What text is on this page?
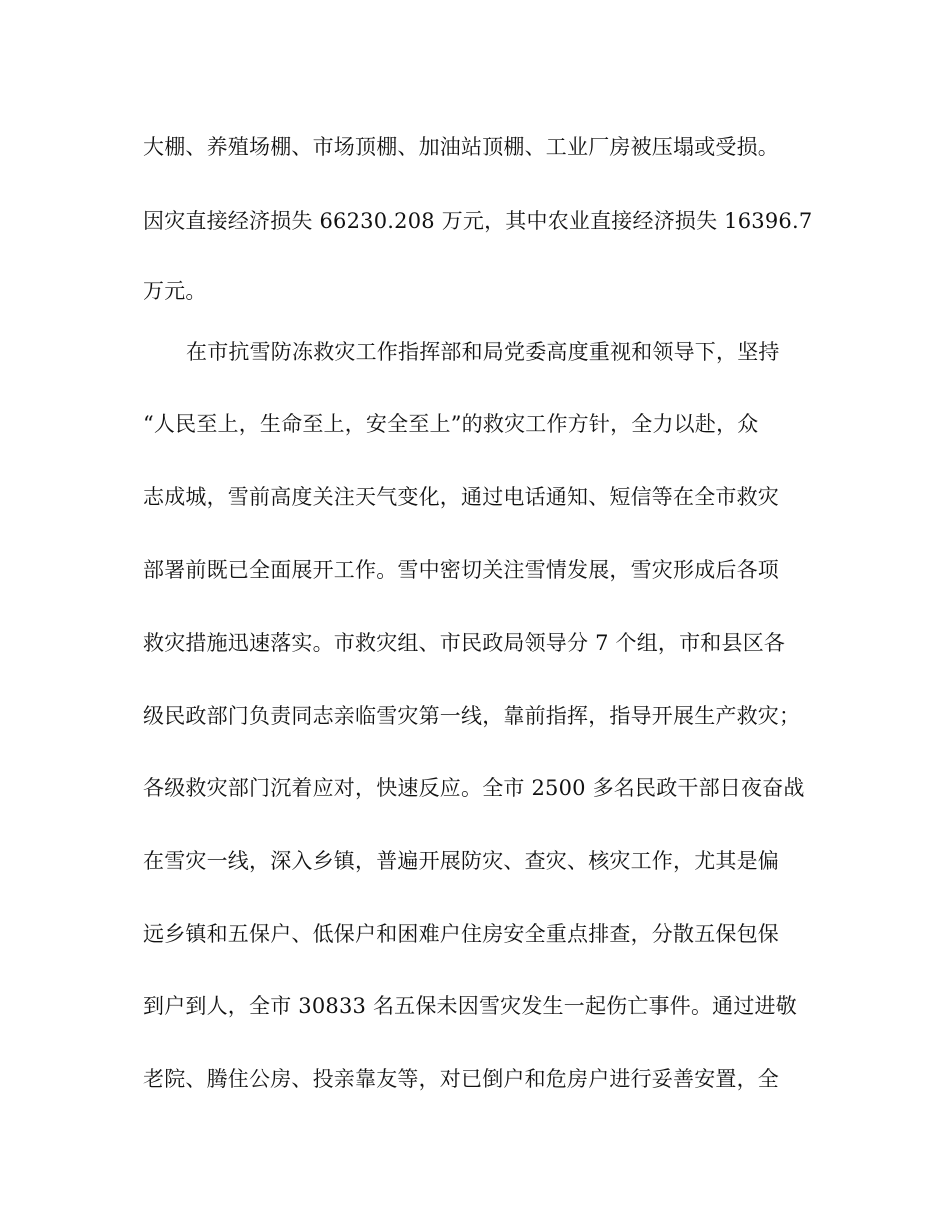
大棚、养殖场棚、市场顶棚、加油站顶棚、工业厂房被压塌或受损。
因灾直接经济损失 66230.208 万元，其中农业直接经济损失 16396.7
万元。
在市抗雪防冻救灾工作指挥部和局党委高度重视和领导下，坚持
“人民至上，生命至上，安全至上”的救灾工作方针，全力以赴，众
志成城，雪前高度关注天气变化，通过电话通知、短信等在全市救灾
部署前既已全面展开工作。雪中密切关注雪情发展，雪灾形成后各项
救灾措施迅速落实。市救灾组、市民政局领导分 7 个组，市和县区各
级民政部门负责同志亲临雪灾第一线，靠前指挥，指导开展生产救灾；
各级救灾部门沉着应对，快速反应。全市 2500 多名民政干部日夜奋战
在雪灾一线，深入乡镇，普遍开展防灾、查灾、核灾工作，尤其是偏
远乡镇和五保户、低保户和困难户住房安全重点排查，分散五保包保
到户到人，全市 30833 名五保未因雪灾发生一起伤亡事件。通过进敬
老院、腾住公房、投亲靠友等，对已倒户和危房户进行妥善安置，全
